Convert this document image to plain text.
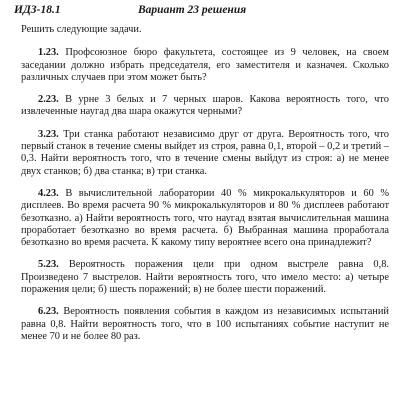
ИДЗ-18.1	Вариант 23 решения

Решить следующие задачи.

1.23. Профсоюзное бюро факультета, состоящее из 9 человек, на своем заседании должно избрать председателя, его заместителя и казначея. Сколько различных случаев при этом может быть?

2.23. В урне 3 белых и 7 черных шаров. Какова вероятность того, что извлеченные наугад два шара окажутся черными?

3.23. Три станка работают независимо друг от друга. Вероятность того, что первый станок в течение смены выйдет из строя, равна 0,1, второй – 0,2 и третий – 0,3. Найти вероятность того, что в течение смены выйдут из строя: а) не менее двух станков; б) два станка; в) три станка.

4.23. В вычислительной лаборатории 40 % микрокалькуляторов и 60 % дисплеев. Во время расчета 90 % микрокалькуляторов и 80 % дисплеев работают безотказно. а) Найти вероятность того, что наугад взятая вычислительная машина проработает безотказно во время расчета. б) Выбранная машина проработала безотказно во время расчета. К какому типу вероятнее всего она принадлежит?

5.23. Вероятность поражения цели при одном выстреле равна 0,8. Произведено 7 выстрелов. Найти вероятность того, что имело место: а) четыре поражения цели; б) шесть поражений; в) не более шести поражений.

6.23. Вероятность появления события в каждом из независимых испытаний равна 0,8. Найти вероятность того, что в 100 испытаниях событие наступит не менее 70 и не более 80 раз.
